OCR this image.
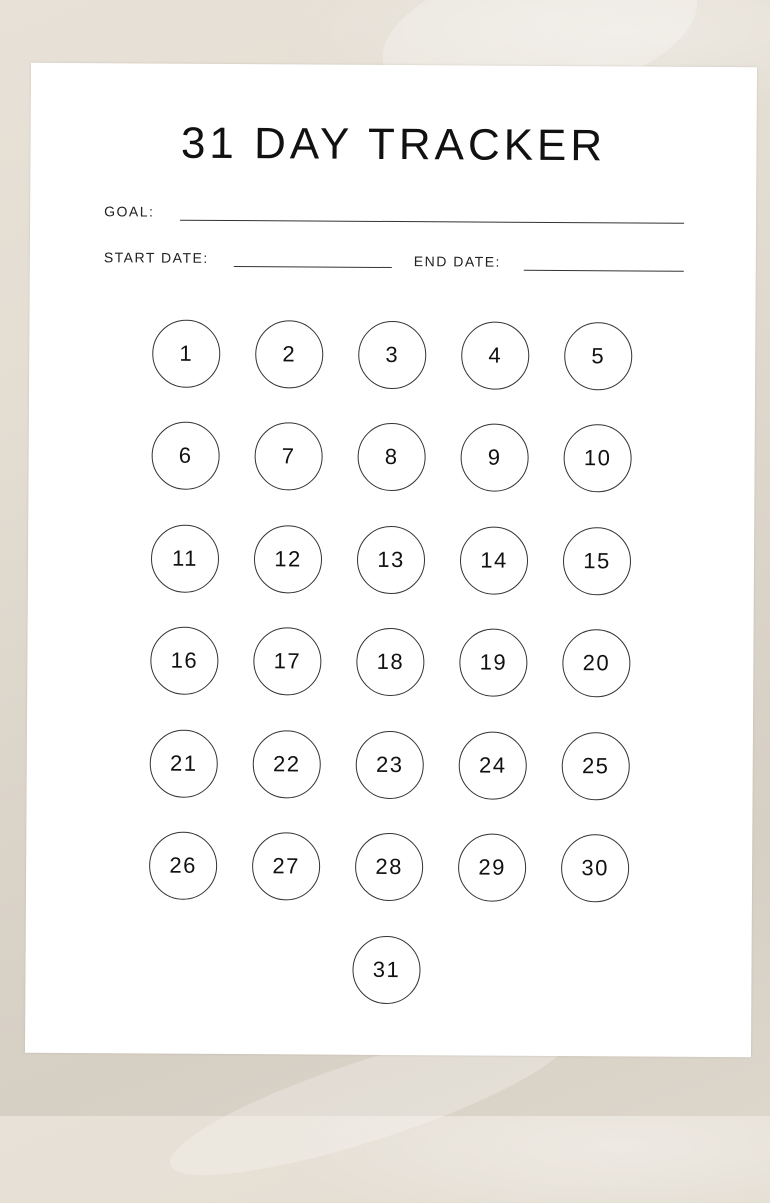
31 DAY TRACKER
GOAL:
START DATE:	END DATE:
1	2	3	4	5
6	7	8	9	10
11	12	13	14	15
16	17	18	19	20
21	22	23	24	25
26	27	28	29	30
31
